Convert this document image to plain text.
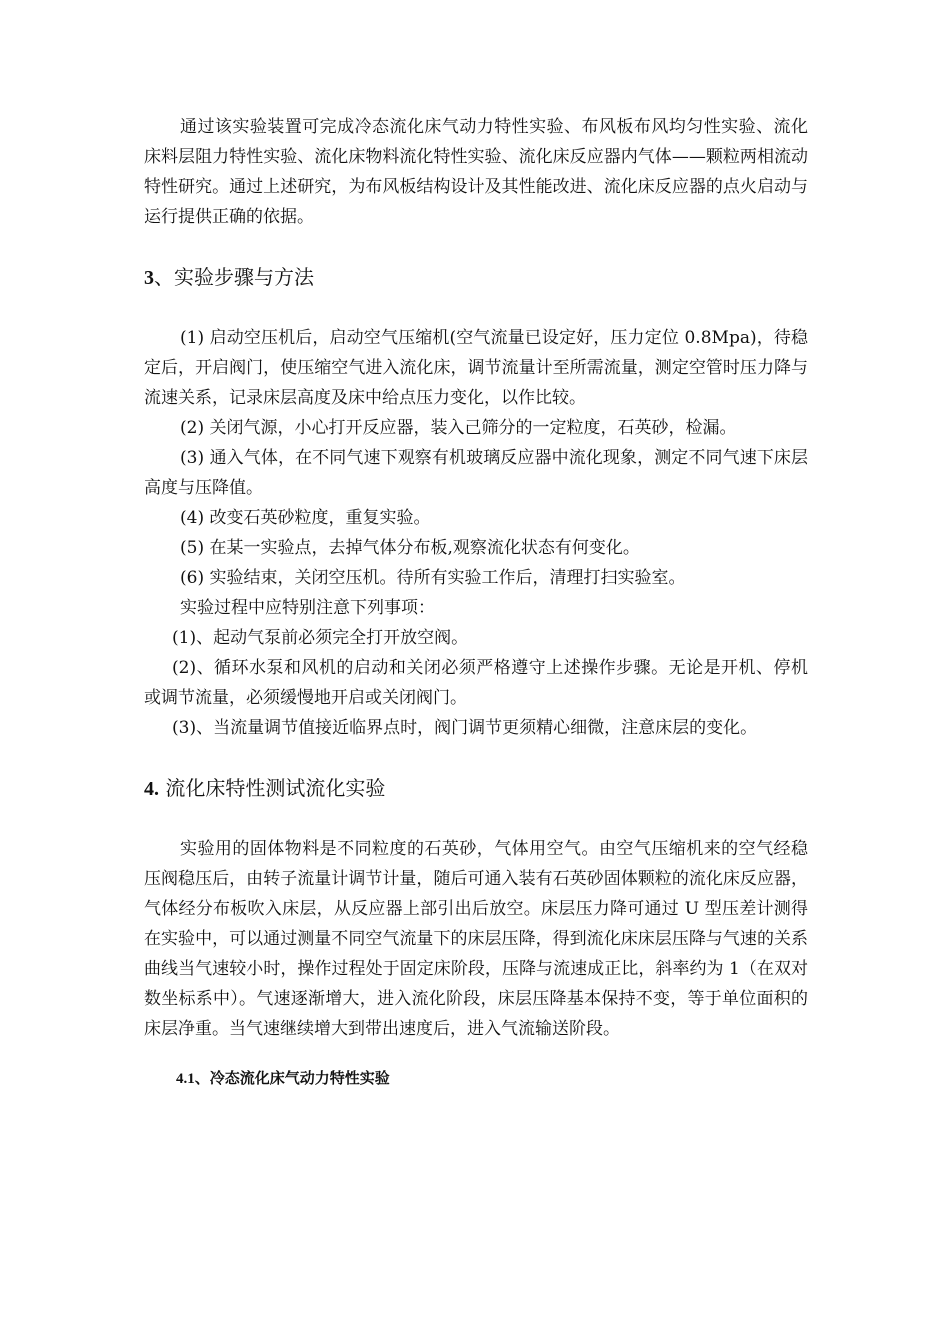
通过该实验装置可完成冷态流化床气动力特性实验、布风板布风均匀性实验、流化床料层阻力特性实验、流化床物料流化特性实验、流化床反应器内气体——颗粒两相流动特性研究。通过上述研究，为布风板结构设计及其性能改进、流化床反应器的点火启动与运行提供正确的依据。

3、实验步骤与方法

(1) 启动空压机后，启动空气压缩机(空气流量已设定好，压力定位 0.8Mpa)，待稳定后，开启阀门，使压缩空气进入流化床，调节流量计至所需流量，测定空管时压力降与流速关系，记录床层高度及床中给点压力变化，以作比较。

(2) 关闭气源，小心打开反应器，装入己筛分的一定粒度，石英砂，检漏。

(3) 通入气体，在不同气速下观察有机玻璃反应器中流化现象，测定不同气速下床层高度与压降值。

(4) 改变石英砂粒度，重复实验。

(5) 在某一实验点，去掉气体分布板,观察流化状态有何变化。

(6) 实验结束，关闭空压机。待所有实验工作后，清理打扫实验室。

实验过程中应特别注意下列事项：

(1)、起动气泵前必须完全打开放空阀。

(2)、循环水泵和风机的启动和关闭必须严格遵守上述操作步骤。无论是开机、停机或调节流量，必须缓慢地开启或关闭阀门。

(3)、当流量调节值接近临界点时，阀门调节更须精心细微，注意床层的变化。

4. 流化床特性测试流化实验

实验用的固体物料是不同粒度的石英砂，气体用空气。由空气压缩机来的空气经稳压阀稳压后，由转子流量计调节计量，随后可通入装有石英砂固体颗粒的流化床反应器，气体经分布板吹入床层，从反应器上部引出后放空。床层压力降可通过 U 型压差计测得在实验中，可以通过测量不同空气流量下的床层压降，得到流化床床层压降与气速的关系曲线当气速较小时，操作过程处于固定床阶段，压降与流速成正比，斜率约为 1（在双对数坐标系中）。气速逐渐增大，进入流化阶段，床层压降基本保持不变，等于单位面积的床层净重。当气速继续增大到带出速度后，进入气流输送阶段。

4.1、冷态流化床气动力特性实验
